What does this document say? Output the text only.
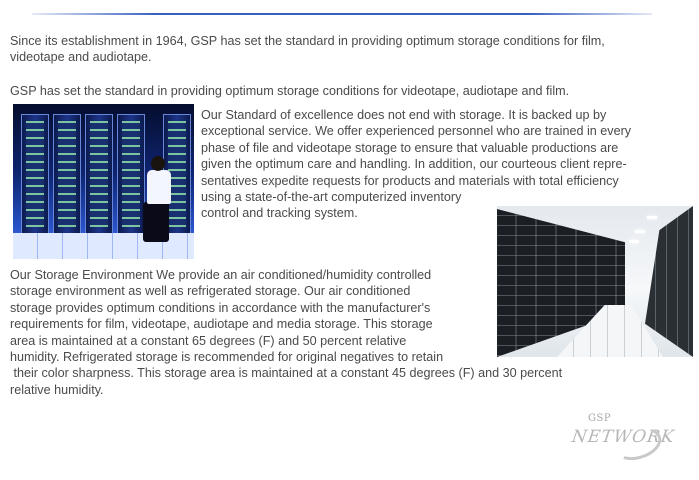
Since its establishment in 1964, GSP has set the standard in providing optimum storage conditions for film,
videotape and audiotape.
GSP has set the standard in providing optimum storage conditions for videotape, audiotape and film.
Our Standard of excellence does not end with storage. It is backed up by
exceptional service. We offer experienced personnel who are trained in every
phase of file and videotape storage to ensure that valuable productions are
given the optimum care and handling. In addition, our courteous client repre-
sentatives expedite requests for products and materials with total efficiency
using a state-of-the-art computerized inventory
control and tracking system.
Our Storage Environment We provide an air conditioned/humidity controlled
storage environment as well as refrigerated storage. Our air conditioned
storage provides optimum conditions in accordance with the manufacturer's
requirements for film, videotape, audiotape and media storage. This storage
area is maintained at a constant 65 degrees (F) and 50 percent relative
humidity. Refrigerated storage is recommended for original negatives to retain
their color sharpness. This storage area is maintained at a constant 45 degrees (F) and 30 percent
relative humidity.
GSP
NETWORK
